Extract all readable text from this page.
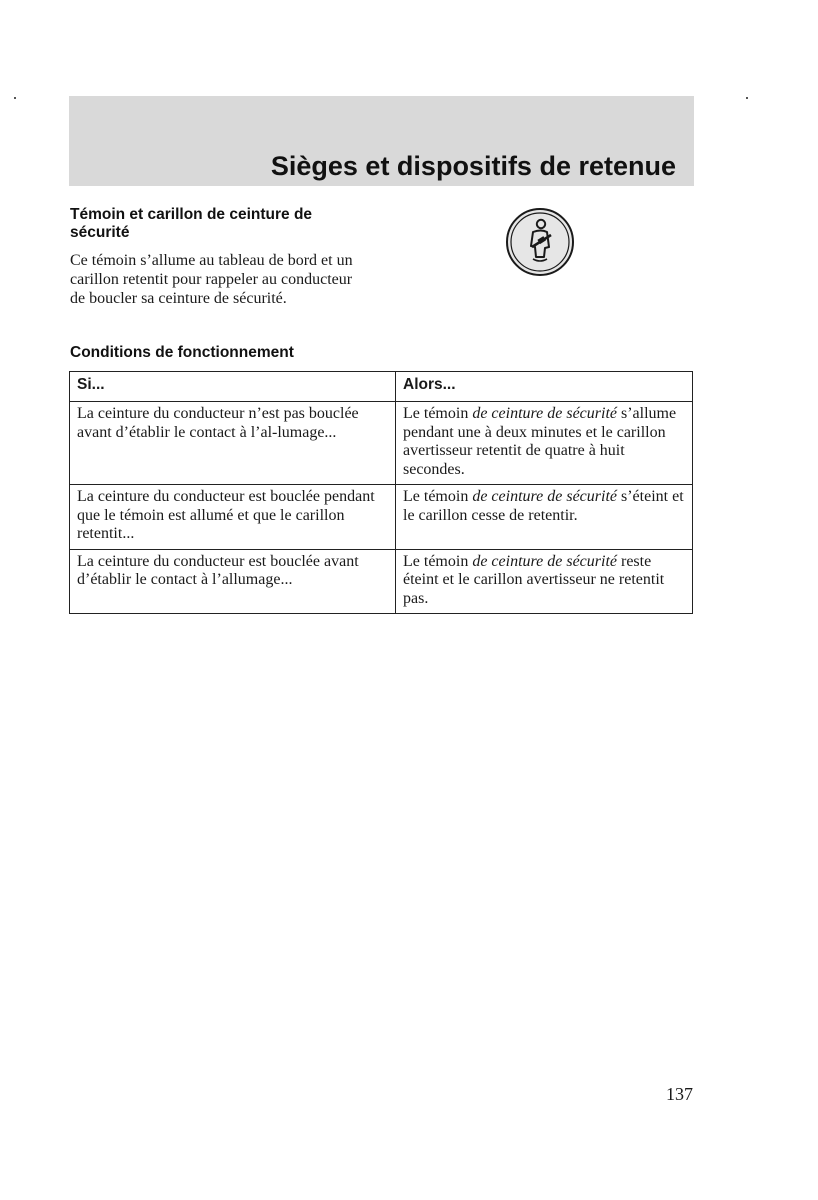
Sièges et dispositifs de retenue
Témoin et carillon de ceinture de sécurité
Ce témoin s’allume au tableau de bord et un carillon retentit pour rappeler au conducteur de boucler sa ceinture de sécurité.
Conditions de fonctionnement
Si...	Alors...
La ceinture du conducteur n’est pas bouclée avant d’établir le contact à l’al-lumage...	Le témoin de ceinture de sécurité s’allume pendant une à deux minutes et le carillon avertisseur retentit de quatre à huit secondes.
La ceinture du conducteur est bouclée pendant que le témoin est allumé et que le carillon retentit...	Le témoin de ceinture de sécurité s’éteint et le carillon cesse de retentir.
La ceinture du conducteur est bouclée avant d’établir le contact à l’allumage...	Le témoin de ceinture de sécurité reste éteint et le carillon avertisseur ne retentit pas.
137
